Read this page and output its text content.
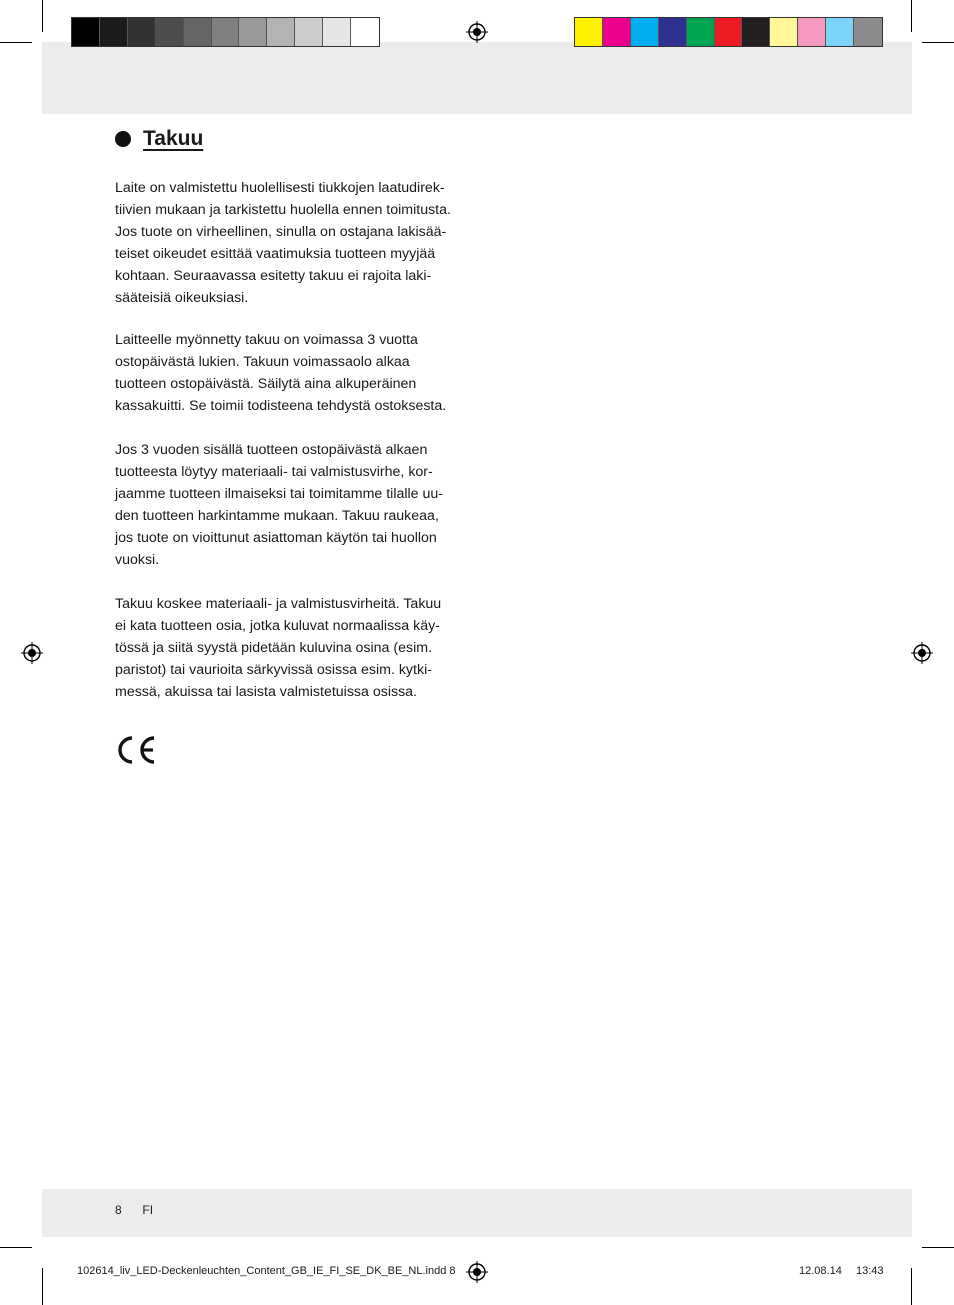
Takuu
Laite on valmistettu huolellisesti tiukkojen laatudirek-
tiivien mukaan ja tarkistettu huolella ennen toimitusta.
Jos tuote on virheellinen, sinulla on ostajana lakisää-
teiset oikeudet esittää vaatimuksia tuotteen myyjää
kohtaan. Seuraavassa esitetty takuu ei rajoita laki-
sääteisiä oikeuksiasi.
Laitteelle myönnetty takuu on voimassa 3 vuotta
ostopäivästä lukien. Takuun voimassaolo alkaa
tuotteen ostopäivästä. Säilytä aina alkuperäinen
kassakuitti. Se toimii todisteena tehdystä ostoksesta.
Jos 3 vuoden sisällä tuotteen ostopäivästä alkaen
tuotteesta löytyy materiaali- tai valmistusvirhe, kor-
jaamme tuotteen ilmaiseksi tai toimitamme tilalle uu-
den tuotteen harkintamme mukaan. Takuu raukeaa,
jos tuote on vioittunut asiattoman käytön tai huollon
vuoksi.
Takuu koskee materiaali- ja valmistusvirheitä. Takuu
ei kata tuotteen osia, jotka kuluvat normaalissa käy-
tössä ja siitä syystä pidetään kuluvina osina (esim.
paristot) tai vaurioita särkyvissä osissa esim. kytki-
messä, akuissa tai lasista valmistetuissa osissa.
8 FI
102614_liv_LED-Deckenleuchten_Content_GB_IE_FI_SE_DK_BE_NL.indd 8	12.08.14 13:43
